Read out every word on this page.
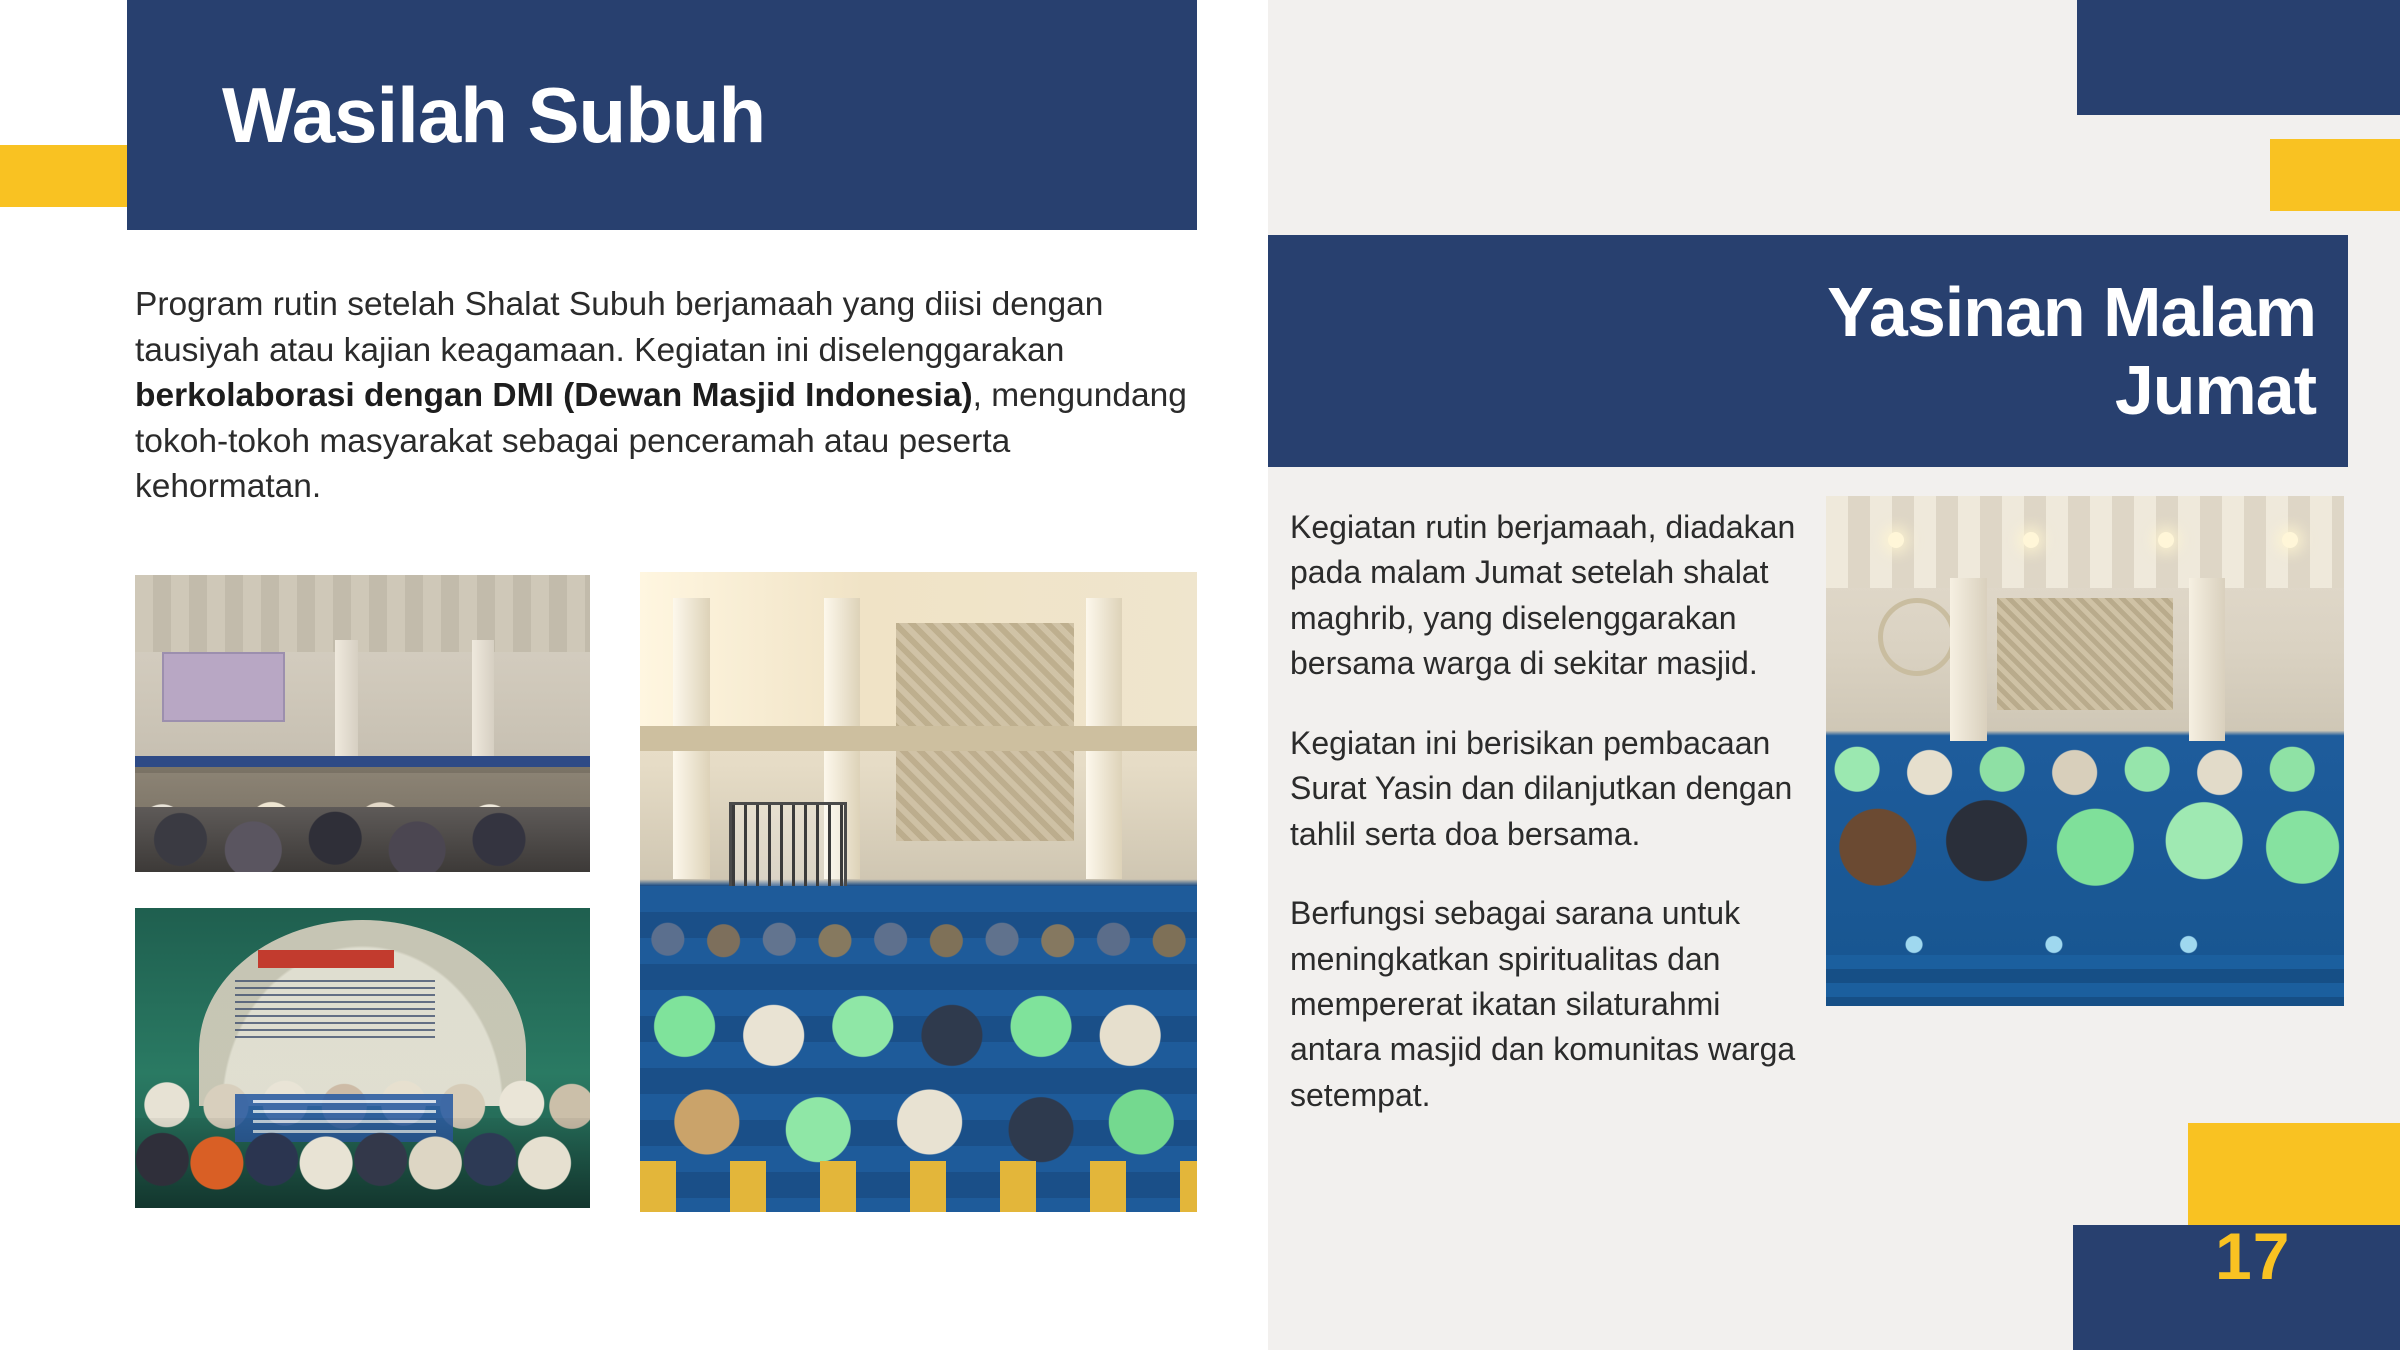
Wasilah Subuh
Program rutin setelah Shalat Subuh berjamaah yang diisi dengan tausiyah atau kajian keagamaan. Kegiatan ini diselenggarakan berkolaborasi dengan DMI (Dewan Masjid Indonesia), mengundang tokoh-tokoh masyarakat sebagai penceramah atau peserta kehormatan.
Yasinan Malam
Jumat

Kegiatan rutin berjamaah, diadakan pada malam Jumat setelah shalat maghrib, yang diselenggarakan bersama warga di sekitar masjid.

Kegiatan ini berisikan pembacaan Surat Yasin dan dilanjutkan dengan tahlil serta doa bersama.

Berfungsi sebagai sarana untuk meningkatkan spiritualitas dan mempererat ikatan silaturahmi antara masjid dan komunitas warga setempat.

17
